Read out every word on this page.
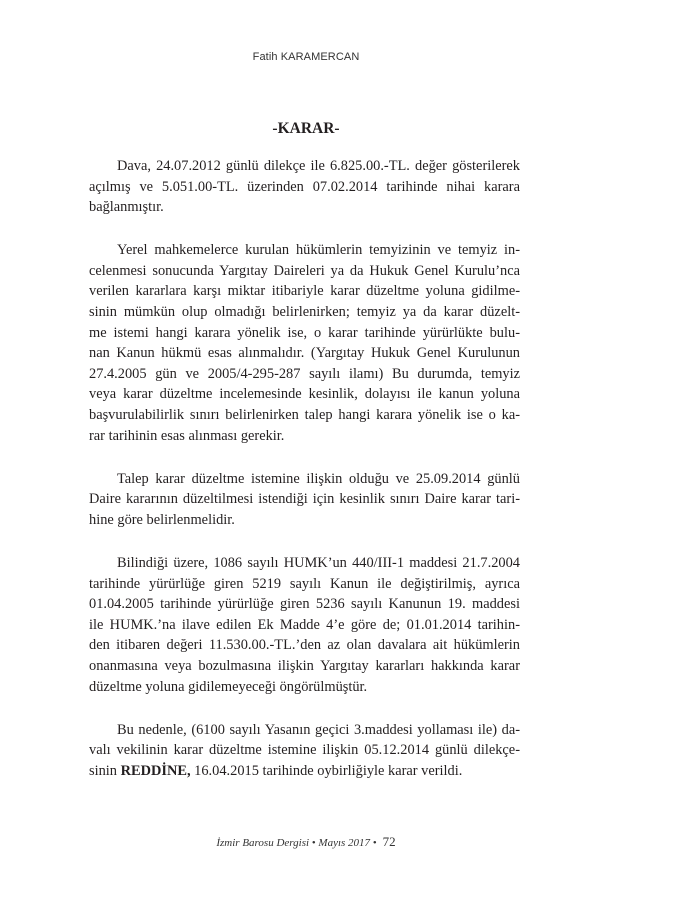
Fatih KARAMERCAN
-KARAR-

Dava, 24.07.2012 günlü dilekçe ile 6.825.00.-TL. değer gösterilerek
açılmış ve 5.051.00-TL. üzerinden 07.02.2014 tarihinde nihai karara
bağlanmıştır.

Yerel mahkemelerce kurulan hükümlerin temyizinin ve temyiz in-
celenmesi sonucunda Yargıtay Daireleri ya da Hukuk Genel Kurulu’nca
verilen kararlara karşı miktar itibariyle karar düzeltme yoluna gidilme-
sinin mümkün olup olmadığı belirlenirken; temyiz ya da karar düzelt-
me istemi hangi karara yönelik ise, o karar tarihinde yürürlükte bulu-
nan Kanun hükmü esas alınmalıdır. (Yargıtay Hukuk Genel Kurulunun
27.4.2005 gün ve 2005/4-295-287 sayılı ilamı) Bu durumda, temyiz
veya karar düzeltme incelemesinde kesinlik, dolayısı ile kanun yoluna
başvurulabilirlik sınırı belirlenirken talep hangi karara yönelik ise o ka-
rar tarihinin esas alınması gerekir.

Talep karar düzeltme istemine ilişkin olduğu ve 25.09.2014 günlü
Daire kararının düzeltilmesi istendiği için kesinlik sınırı Daire karar tari-
hine göre belirlenmelidir.

Bilindiği üzere, 1086 sayılı HUMK’un 440/III-1 maddesi 21.7.2004
tarihinde yürürlüğe giren 5219 sayılı Kanun ile değiştirilmiş, ayrıca
01.04.2005 tarihinde yürürlüğe giren 5236 sayılı Kanunun 19. maddesi
ile HUMK.’na ilave edilen Ek Madde 4’e göre de; 01.01.2014 tarihin-
den itibaren değeri 11.530.00.-TL.’den az olan davalara ait hükümlerin
onanmasına veya bozulmasına ilişkin Yargıtay kararları hakkında karar
düzeltme yoluna gidilemeyeceği öngörülmüştür.

Bu nedenle, (6100 sayılı Yasanın geçici 3.maddesi yollaması ile) da-
valı vekilinin karar düzeltme istemine ilişkin 05.12.2014 günlü dilekçe-
sinin REDDİNE, 16.04.2015 tarihinde oybirliğiyle karar verildi.

İzmir Barosu Dergisi • Mayıs 2017 • 72
